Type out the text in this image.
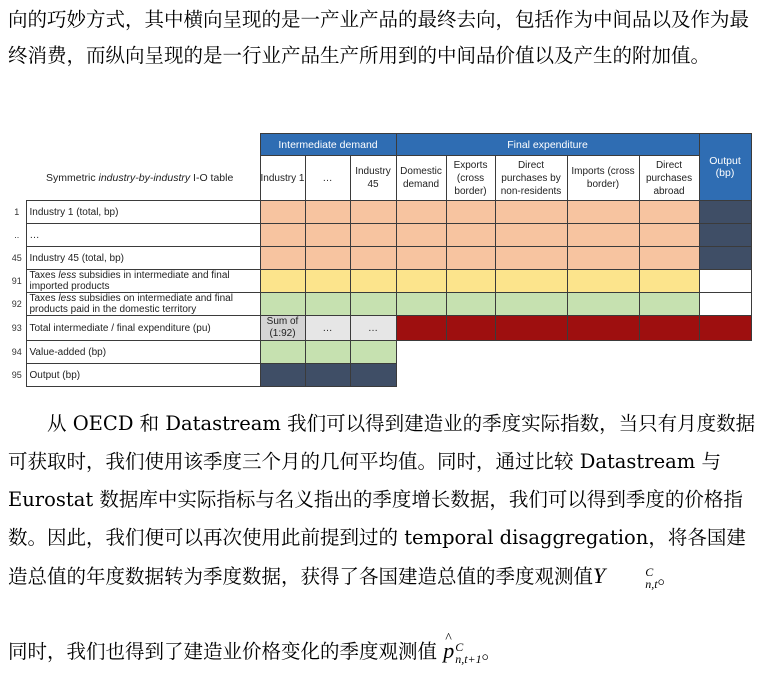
向的巧妙方式，其中横向呈现的是一产业产品的最终去向，包括作为中间品以及作为最终消费，而纵向呈现的是一行业产品生产所用到的中间品价值以及产生的附加值。

		Intermediate demand			Final expenditure					Output (bp)
	Symmetric industry-by-industry I-O table	Industry 1	…	Industry 45	Domestic demand	Exports (cross border)	Direct purchases by non-residents	Imports (cross border)	Direct purchases abroad	
1	Industry 1 (total, bp)									
..	…									
45	Industry 45 (total, bp)									
91	Taxes less subsidies in intermediate and final imported products									
92	Taxes less subsidies on intermediate and final products paid in the domestic territory									
93	Total intermediate / final expenditure (pu)	Sum of (1:92)	…	…						
94	Value-added (bp)									
95	Output (bp)									

从 OECD 和 Datastream 我们可以得到建造业的季度实际指数，当只有月度数据可获取时，我们使用该季度三个月的几何平均值。同时，通过比较 Datastream 与 Eurostat 数据库中实际指标与名义指出的季度增长数据，我们可以得到季度的价格指数。因此，我们便可以再次使用此前提到过的 temporal disaggregation，将各国建造总值的年度数据转为季度数据，获得了各国建造总值的季度观测值Y	C
n,t 。

同时，我们也得到了建造业价格变化的季度观测值 ^ p C
n,t+1 。
